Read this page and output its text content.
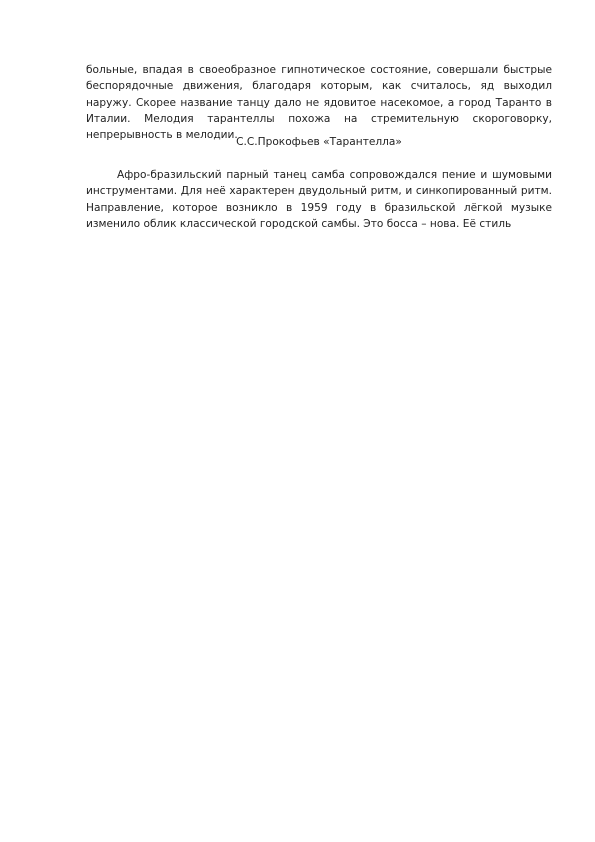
больные, впадая в своеобразное гипнотическое состояние, совершали быстрые беспорядочные движения, благодаря которым, как считалось, яд выходил наружу. Скорее название танцу дало не ядовитое насекомое, а город Таранто в Италии. Мелодия тарантеллы похожа на стремительную скороговорку, непрерывность в мелодии.

С.С.Прокофьев «Тарантелла»

Афро-бразильский парный танец самба сопровождался пение и шумовыми инструментами. Для неё характерен двудольный ритм, и синкопированный ритм. Направление, которое возникло в 1959 году в бразильской лёгкой музыке изменило облик классической городской самбы. Это босса – нова. Её стиль
